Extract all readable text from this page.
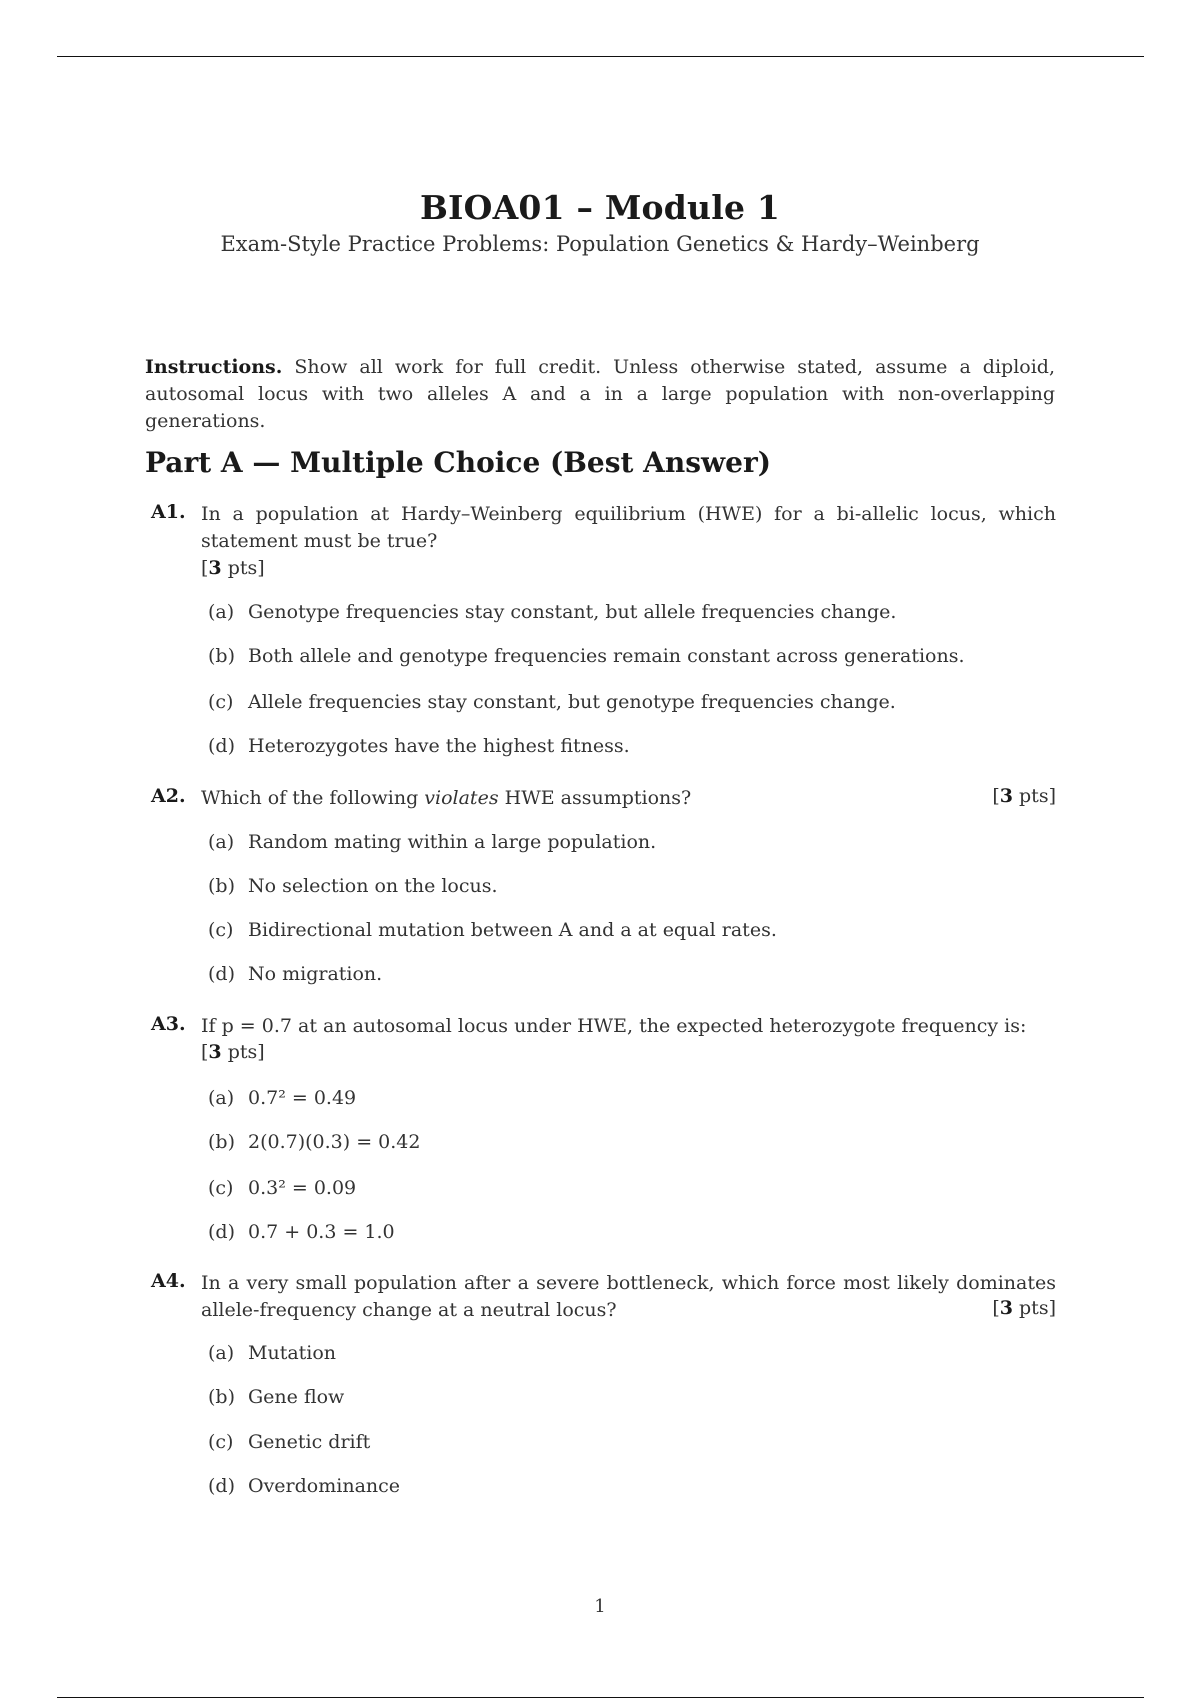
BIOA01 – Module 1
Exam-Style Practice Problems: Population Genetics & Hardy–Weinberg
Instructions. Show all work for full credit. Unless otherwise stated, assume a diploid, autosomal locus with two alleles A and a in a large population with non-overlapping generations.
Part A — Multiple Choice (Best Answer)
A1. In a population at Hardy–Weinberg equilibrium (HWE) for a bi-allelic locus, which statement must be true?
[3 pts]
(a) Genotype frequencies stay constant, but allele frequencies change.
(b) Both allele and genotype frequencies remain constant across generations.
(c) Allele frequencies stay constant, but genotype frequencies change.
(d) Heterozygotes have the highest fitness.
A2. Which of the following violates HWE assumptions?	[3 pts]
(a) Random mating within a large population.
(b) No selection on the locus.
(c) Bidirectional mutation between A and a at equal rates.
(d) No migration.
A3. If p = 0.7 at an autosomal locus under HWE, the expected heterozygote frequency is:
[3 pts]
(a) 0.7² = 0.49
(b) 2(0.7)(0.3) = 0.42
(c) 0.3² = 0.09
(d) 0.7 + 0.3 = 1.0
A4. In a very small population after a severe bottleneck, which force most likely dominates allele-frequency change at a neutral locus?	[3 pts]
(a) Mutation
(b) Gene flow
(c) Genetic drift
(d) Overdominance
1
